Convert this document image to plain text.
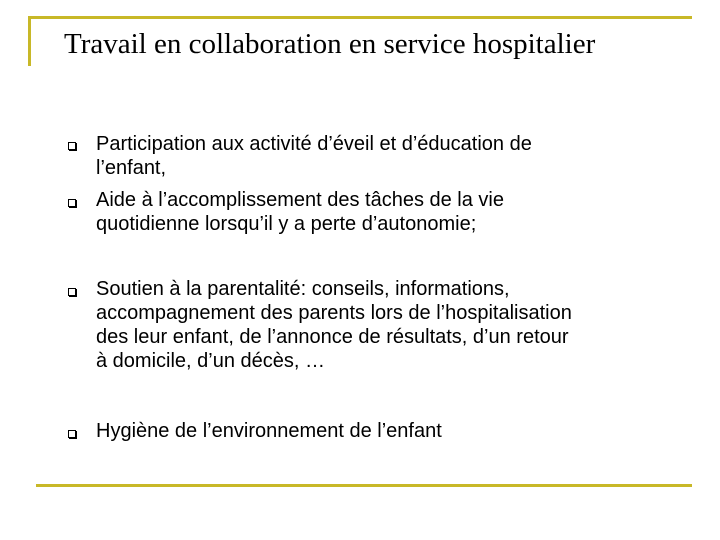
Travail en collaboration en service hospitalier
Participation aux activité d’éveil et d’éducation de
l’enfant,
Aide à l’accomplissement des tâches de la vie
quotidienne lorsqu’il y a perte d’autonomie;
Soutien à la parentalité: conseils, informations,
accompagnement des parents lors de l’hospitalisation
des leur enfant, de l’annonce de résultats, d’un retour
à domicile, d’un décès, …
Hygiène de l’environnement de l’enfant
